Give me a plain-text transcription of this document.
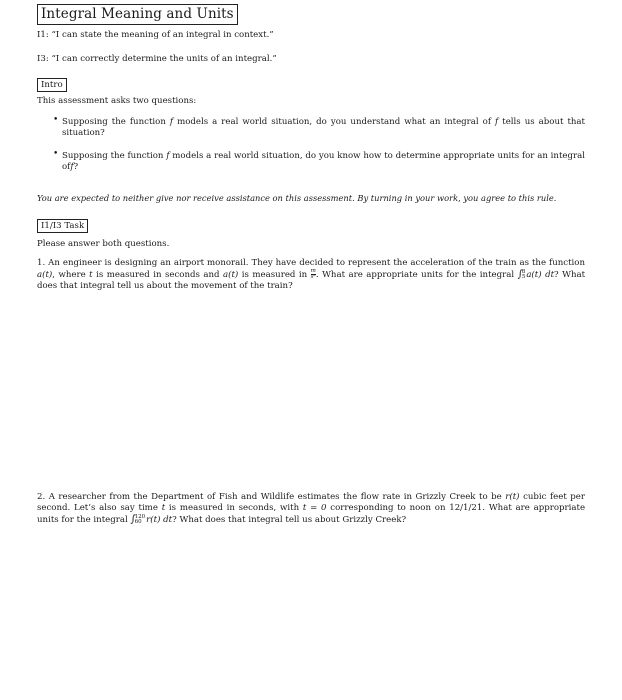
Integral Meaning and Units
I1: “I can state the meaning of an integral in context.”
I3: “I can correctly determine the units of an integral.”
Intro
This assessment asks two questions:
• Supposing the function f models a real world situation, do you understand what an integral of f tells us about that situation?
• Supposing the function f models a real world situation, do you know how to determine appropriate units for an integral off?
You are expected to neither give nor receive assistance on this assessment. By turning in your work, you agree to this rule.
I1/I3 Task
Please answer both questions.
1. An engineer is designing an airport monorail. They have decided to represent the acceleration of the train as the function a(t), where t is measured in seconds and a(t) is measured in $\frac{m}{\text{s²}}$ . What are appropriate units for the integral ∫ 8
5 a(t) dt? What does that integral tell us about the movement of the train?
2. A researcher from the Department of Fish and Wildlife estimates the flow rate in Grizzly Creek to be r(t) cubic feet per second. Let’s also say time t is measured in seconds, with t = 0 corresponding to noon on 12/1/21. What are appropriate units for the integral ∫ 120
60 r(t) dt? What does that integral tell us about Grizzly Creek?
